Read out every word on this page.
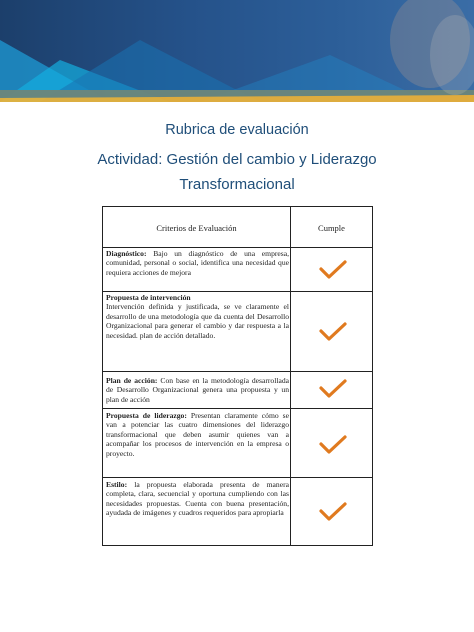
Rubrica de evaluación
Actividad: Gestión del cambio y Liderazgo
Transformacional
Criterios de Evaluación	Cumple
Diagnóstico: Bajo un diagnóstico de una empresa, comunidad, personal o social, identifica una necesidad que requiera acciones de mejora
Propuesta de intervención
Intervención definida y justificada, se ve claramente el desarrollo de una metodología que da cuenta del Desarrollo Organizacional para generar el cambio y dar respuesta a la necesidad. plan de acción detallado.
Plan de acción: Con base en la metodología desarrollada de Desarrollo Organizacional genera una propuesta y un plan de acción
Propuesta de liderazgo: Presentan claramente cómo se van a potenciar las cuatro dimensiones del liderazgo transformacional que deben asumir quienes van a acompañar los procesos de intervención en la empresa o proyecto.
Estilo: la propuesta elaborada presenta de manera completa, clara, secuencial y oportuna cumpliendo con las necesidades propuestas. Cuenta con buena presentación, ayudada de imágenes y cuadros requeridos para apropiarla
